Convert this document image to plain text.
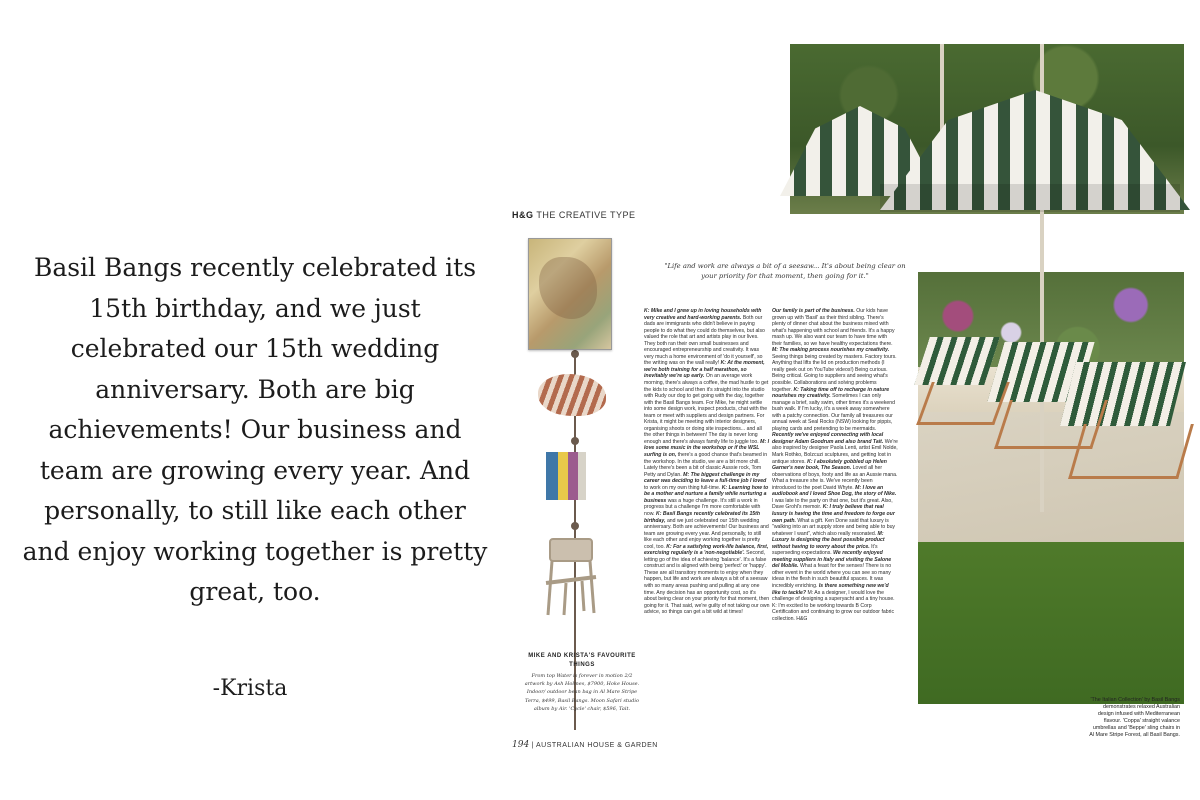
Basil Bangs recently celebrated its 15th birthday, and we just celebrated our 15th wedding anniversary. Both are big achievements! Our business and team are growing every year. And personally, to still like each other and enjoy working together is pretty great, too.

-Krista
H&G THE CREATIVE TYPE
MIKE AND KRISTA'S FAVOURITE THINGS
From top Water is forever in motion 2/2 artwork by Ash Holmes, $7900, Hoke House. Indoor/ outdoor bean bag in Al Mare Stripe Terra, $499, Basil Bangs. Moon Safari studio album by Air. 'Cycle' chair, $596, Tait.
"Life and work are always a bit of a seesaw... It's about being clear on your priority for that moment, then going for it."

K: Mike and I grew up in loving households with very creative and hard-working parents. Both our dads are immigrants who didn't believe in paying people to do what they could do themselves, but also valued the role that art and artists play in our lives. They both ran their own small businesses and encouraged entrepreneurship and creativity. It was very much a home environment of 'do it yourself', so the writing was on the wall really! K: At the moment, we're both training for a half marathon, so inevitably we're up early. On an average work morning, there's always a coffee, the mad hustle to get the kids to school and then it's straight into the studio with Rudy our dog to get going with the day, together with the Basil Bangs team. For Mike, he might settle into some design work, inspect products, chat with the team or meet with suppliers and design partners. For Krista, it might be meeting with interior designers, organising shoots or doing site inspections... and all the other things in between! The day is never long enough and there's always family life to juggle too. M: I love some music in the workshop or if the WSL surfing is on, there's a good chance that's beamed in the workshop. In the studio, we are a bit more chill. Lately there's been a bit of classic Aussie rock, Tom Petty and Dylan. M: The biggest challenge in my career was deciding to leave a full-time job I loved to work on my own thing full-time. K: Learning how to be a mother and nurture a family while nurturing a business was a huge challenge. It's still a work in progress but a challenge I'm more comfortable with now. K: Basil Bangs recently celebrated its 15th birthday, and we just celebrated our 15th wedding anniversary. Both are achievements! Our business and team are growing every year. And personally, to still like each other and enjoy working together is pretty cool, too. K: For a satisfying work-life balance, first, exercising regularly is a 'non-negotiable'. Second, letting go of the idea of achieving 'balance'. It's a false construct and is aligned with being 'perfect' or 'happy'. These are all transitory moments to enjoy when they happen, but life and work are always a bit of a seesaw with so many areas pushing and pulling at any one time. Any decision has an opportunity cost, so it's about being clear on your priority for that moment, then going for it. That said, we're guilty of not taking our own advice, so things can get a bit wild at times!

Our family is part of the business. Our kids have grown up with 'Basil' as their third sibling. There's plenty of dinner chat about the business mixed with what's happening with school and friends. It's a happy mash up. We also want our team to have time with their families, so we have healthy expectations there. M: The making process nourishes my creativity. Seeing things being created by masters. Factory tours. Anything that lifts the lid on production methods (I really geek out on YouTube videos!) Being curious. Being critical. Going to suppliers and seeing what's possible. Collaborations and solving problems together. K: Taking time off to recharge in nature nourishes my creativity. Sometimes I can only manage a brief, salty swim, other times it's a weekend bush walk. If I'm lucky, it's a week away somewhere with a patchy connection. Our family all treasures our annual week at Seal Rocks (NSW) looking for pippis, playing cards and pretending to be mermaids. Recently we've enjoyed connecting with local designer Adam Goodrum and also brand Tait. We're also inspired by designer Paola Lenti, artist Emil Nolde, Mark Rothko, Bolzcuzi sculptures, and getting lost in antique stores. K: I absolutely gobbled up Helen Garner's new book, The Season. Loved all her observations of boys, footy and life as an Aussie mana. What a treasure she is. We've recently been introduced to the poet David Whyte. M: I love an audiobook and I loved Shoe Dog, the story of Nike. I was late to the party on that one, but it's great. Also, Dave Grohl's memoir. K: I truly believe that real luxury is having the time and freedom to forge our own path. What a gift. Ken Done said that luxury is "walking into an art supply store and being able to buy whatever I want", which also really resonated. M: Luxury is designing the best possible product without having to worry about the price. It's superseding expectations. We recently enjoyed meeting suppliers in Italy and visiting the Salone del Mobile. What a feast for the senses! There is no other event in the world where you can see so many ideas in the flesh in such beautiful spaces. It was incredibly enriching. Is there something new we'd like to tackle? M: As a designer, I would love the challenge of designing a superyacht and a tiny house. K: I'm excited to be working towards B Corp Certification and continuing to grow our outdoor fabric collection. H&G

'The Italian Collection' by Basil Bangs demonstrates relaxed Australian design infused with Mediterranean flavour. 'Coppa' straight valance umbrellas and 'Beppe' sling chairs in Al Mare Stripe Forest, all Basil Bangs.
194 | AUSTRALIAN HOUSE & GARDEN
